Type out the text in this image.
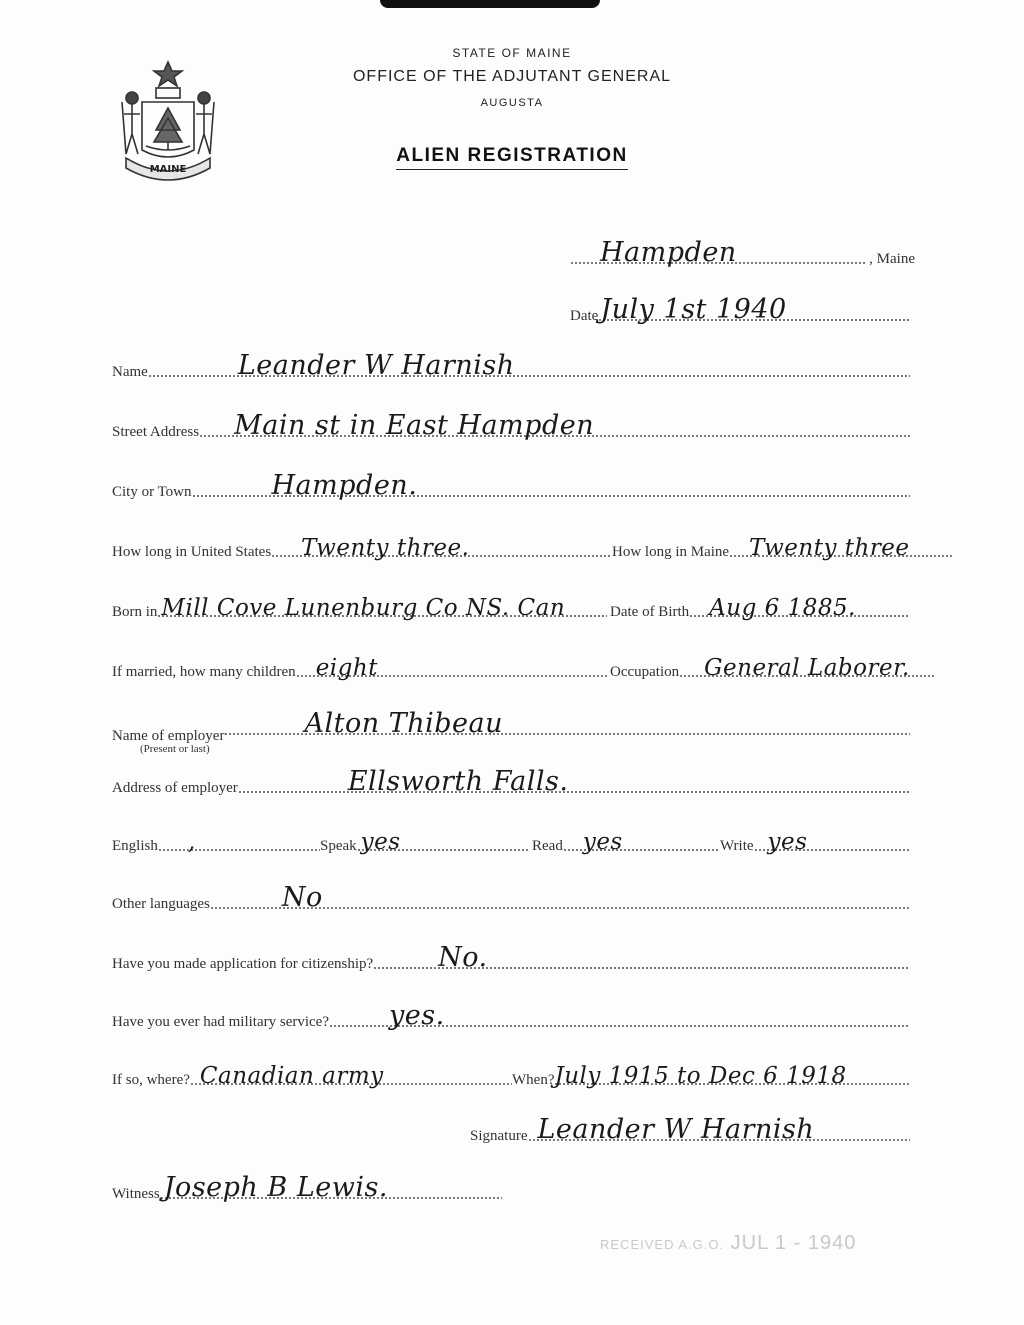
MAINE
STATE OF MAINE
OFFICE OF THE ADJUTANT GENERAL
AUGUSTA
ALIEN REGISTRATION
Hampden	, Maine
Date July 1st 1940
Name	Leander W Harnish
Street Address Main st in East Hampden
City or Town	Hampden.
How long in United States Twenty three.	How long in Maine Twenty three
Born in Mill Cove Lunenburg Co NS. Can	Date of Birth Aug 6 1885.
If married, how many children eight	Occupation General Laborer.
Name of employer
(Present or last)
Alton Thibeau
Address of employer	Ellsworth Falls.
English ,	Speak yes	Read yes	Write yes
Other languages	No
Have you made application for citizenship? No.
Have you ever had military service? yes.
If so, where? Canadian army	When? July 1915 to Dec 6 1918
Signature Leander W Harnish
Witness Joseph B Lewis.
RECEIVED A.G.O. JUL 1 - 1940
